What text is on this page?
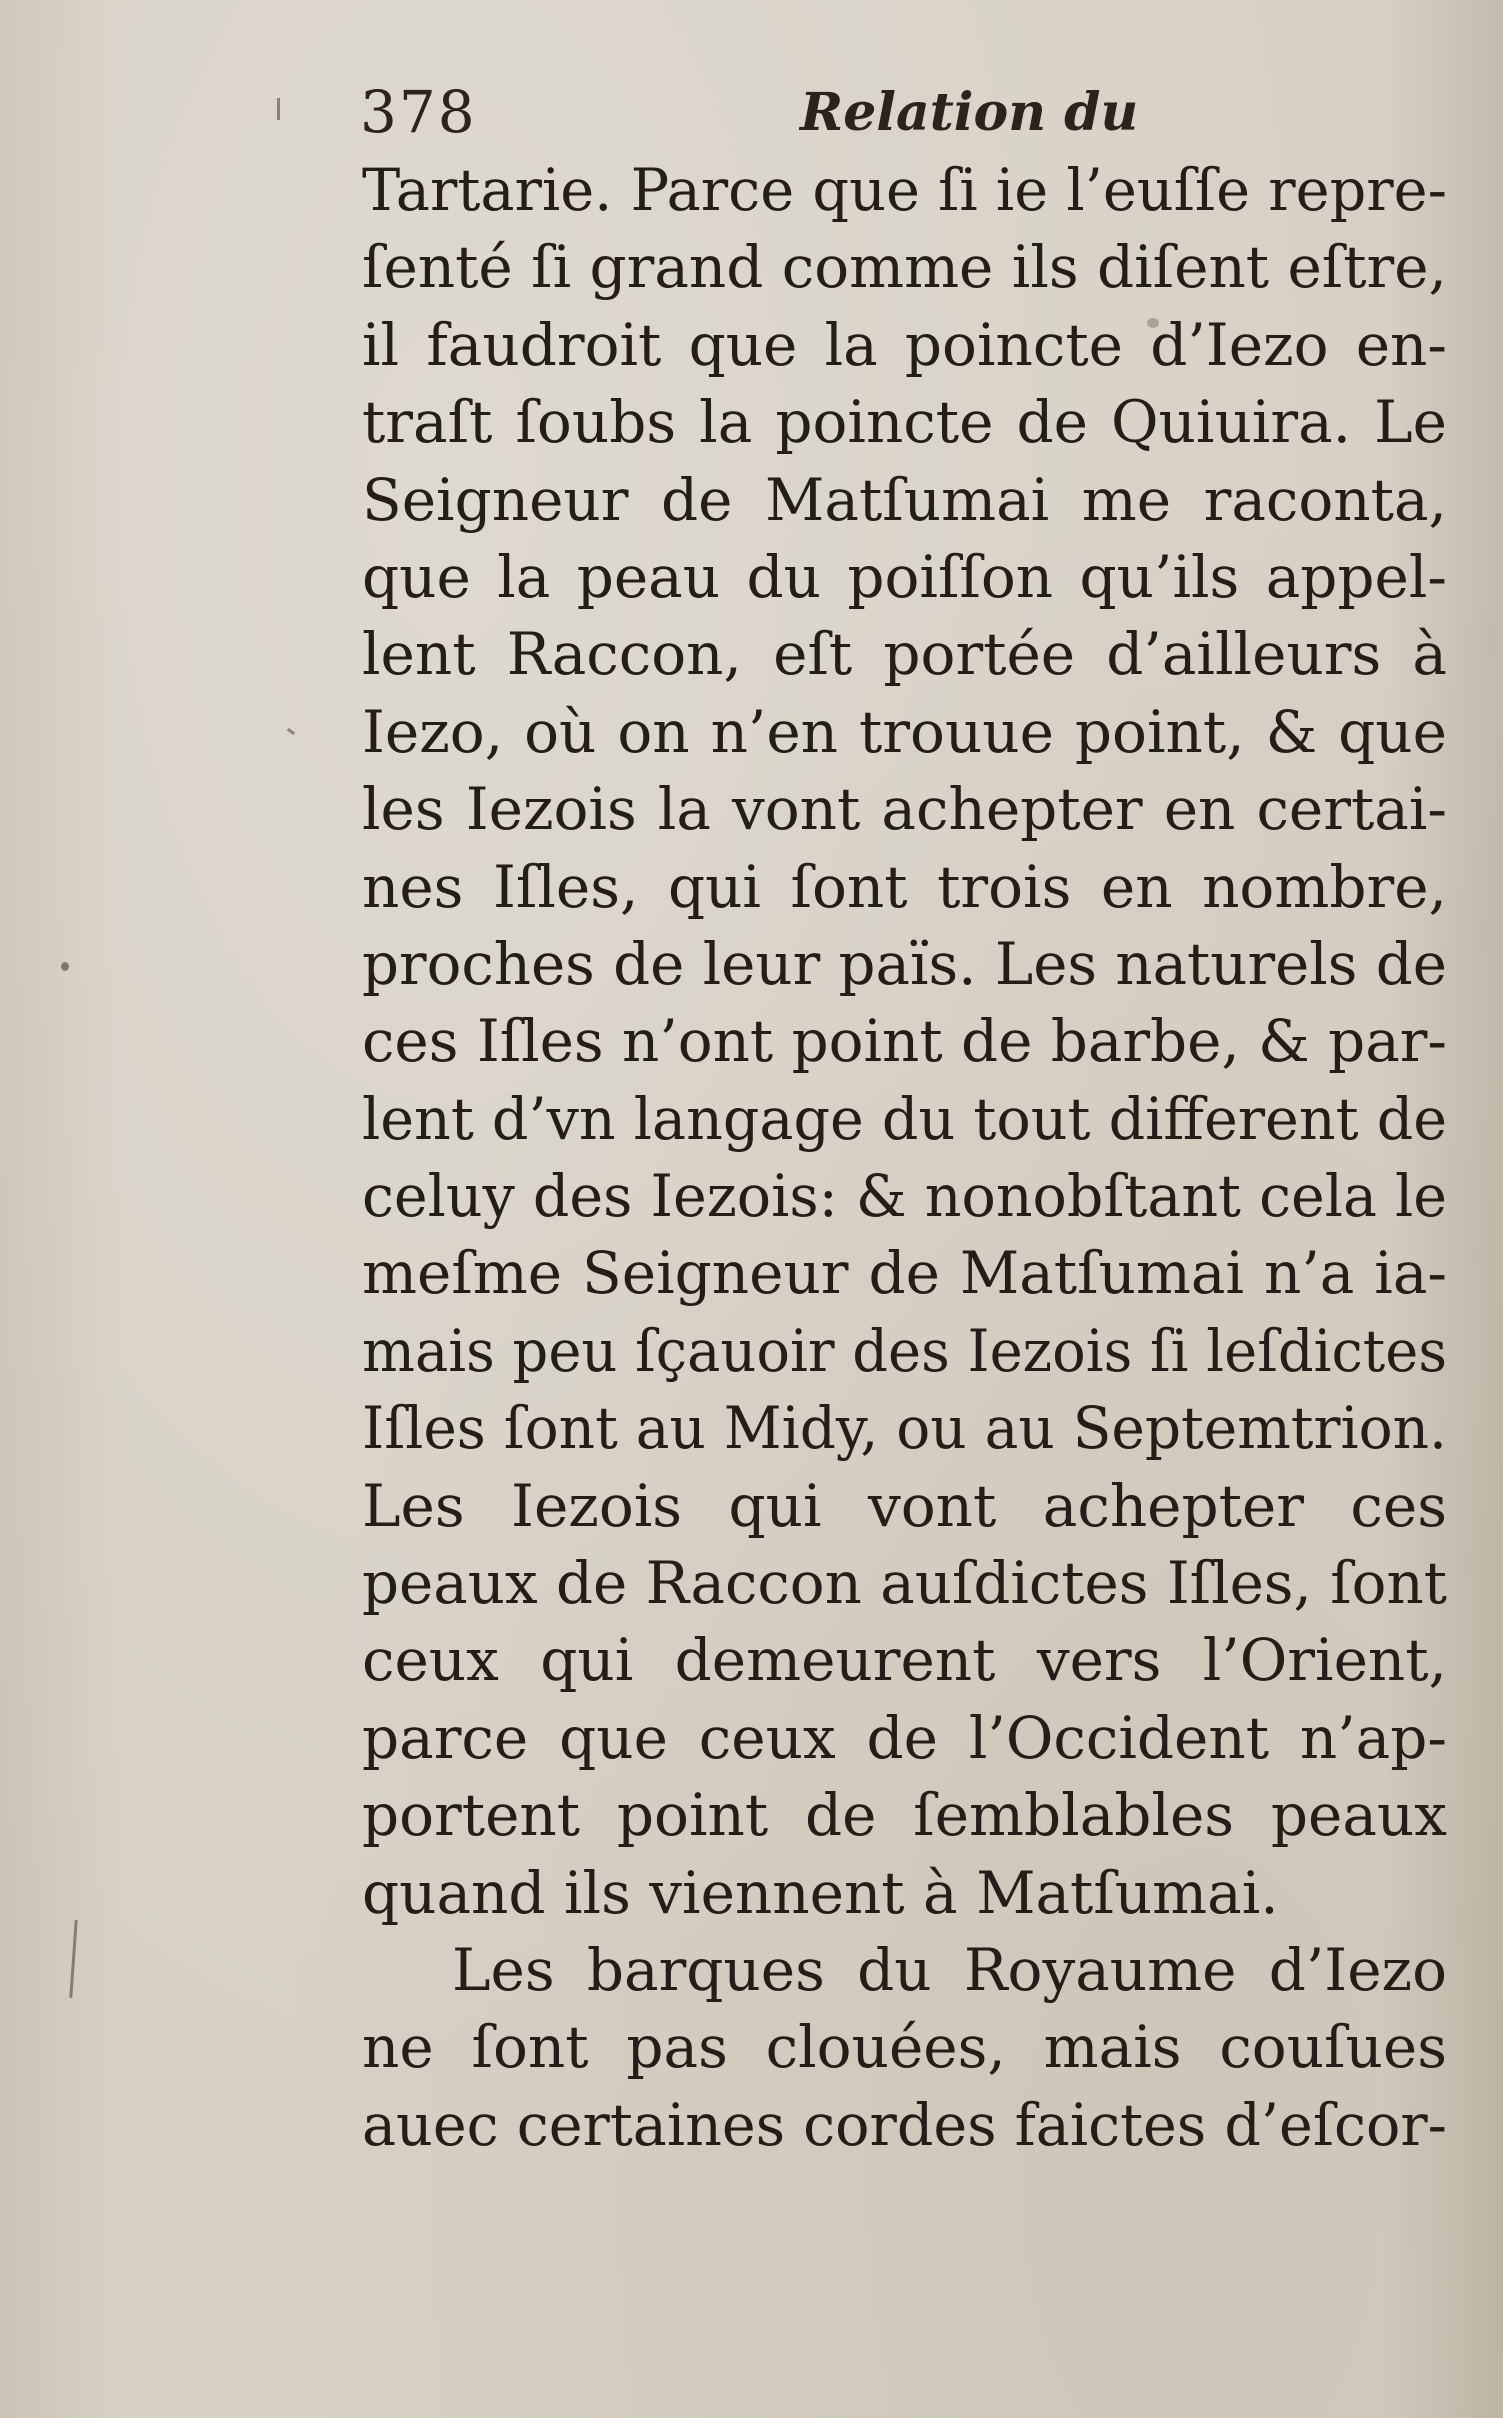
378	Relation du
Tartarie. Parce que ſi ie l’euſſe repre-
ſenté ſi grand comme ils diſent eſtre,
il faudroit que la poincte d’Iezo en-
traſt ſoubs la poincte de Quiuira. Le
Seigneur de Matſumai me raconta,
que la peau du poiſſon qu’ils appel-
lent Raccon, eſt portée d’ailleurs à
Iezo, où on n’en trouue point, & que
les Iezois la vont achepter en certai-
nes Iſles, qui ſont trois en nombre,
proches de leur païs. Les naturels de
ces Iſles n’ont point de barbe, & par-
lent d’vn langage du tout different de
celuy des Iezois: & nonobſtant cela le
meſme Seigneur de Matſumai n’a ia-
mais peu ſçauoir des Iezois ſi leſdictes
Iſles ſont au Midy, ou au Septemtrion.
Les Iezois qui vont achepter ces
peaux de Raccon auſdictes Iſles, ſont
ceux qui demeurent vers l’Orient,
parce que ceux de l’Occident n’ap-
portent point de ſemblables peaux
quand ils viennent à Matſumai.
Les barques du Royaume d’Iezo
ne ſont pas clouées, mais couſues
auec certaines cordes faictes d’eſcor-
